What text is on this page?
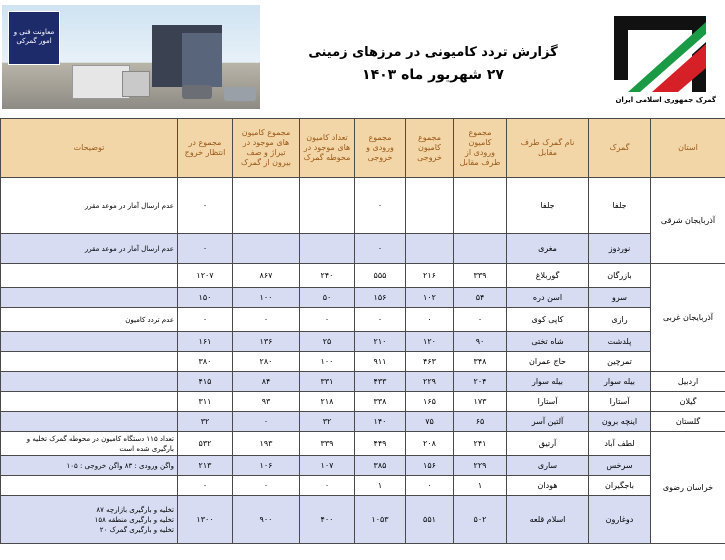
معاونت فنی و امور گمرکی
گزارش تردد کامیونی در مرزهای زمینی
۲۷ شهریور ماه ۱۴۰۳
گمرک جمهوری اسلامی ایران
استان	گمرک	نام گمرک طرف مقابل	مجموع کامیون ورودی از طرف مقابل	مجموع کامیون خروجی	مجموع ورودی و خروجی	تعداد کامیون های موجود در محوطه گمرک	مجموع کامیون های موجود در تیراژ و صف بیرون از گمرک	مجموع در انتظار خروج	توضیحات
آذربایجان شرقی	جلفا	جلفا			۰			۰	عدم ارسال آمار در موعد مقرر
	نوردوز	مغری			۰			۰	عدم ارسال آمار در موعد مقرر
آذربایجان غربی	بازرگان	گوربلاغ	۳۳۹	۲۱۶	۵۵۵	۲۴۰	۸۶۷	۱۲۰۷	
	سرو	اسن دره	۵۴	۱۰۲	۱۵۶	۵۰	۱۰۰	۱۵۰	
	رازی	کاپی کوی	۰	۰	۰	۰	۰	۰	عدم تردد کامیون
	پلدشت	شاه تختی	۹۰	۱۲۰	۲۱۰	۲۵	۱۳۶	۱۶۱	
	تمرچین	حاج عمران	۳۴۸	۴۶۳	۹۱۱	۱۰۰	۲۸۰	۳۸۰	
اردبیل	بیله سوار	بیله سوار	۲۰۴	۲۲۹	۴۳۳	۳۳۱	۸۴	۴۱۵	
گیلان	آستارا	آستارا	۱۷۳	۱۶۵	۳۳۸	۲۱۸	۹۳	۳۱۱	
گلستان	اینچه برون	آلتین آسر	۶۵	۷۵	۱۴۰	۳۲	۰	۳۲	
خراسان رضوی	لطف آباد	آرتیق	۲۴۱	۲۰۸	۴۴۹	۳۳۹	۱۹۳	۵۳۲	تعداد ۱۱۵ دستگاه کامیون در محوطه گمرک تخلیه و بارگیری شده است
	سرخس	ساری	۲۲۹	۱۵۶	۳۸۵	۱۰۷	۱۰۶	۲۱۳	واگن ورودی : ۸۳ واگن خروجی : ۱۰۵
	باجگیران	هودان	۱	۰	۱	۰	۰	۰	
	دوغارون	اسلام قلعه	۵۰۲	۵۵۱	۱۰۵۳	۴۰۰	۹۰۰	۱۳۰۰	تخلیه و بارگیری بازارچه ۸۷
تخلیه و بارگیری منطقه ۱۵۸
تخلیه و بارگیری گمرک ۲۰
